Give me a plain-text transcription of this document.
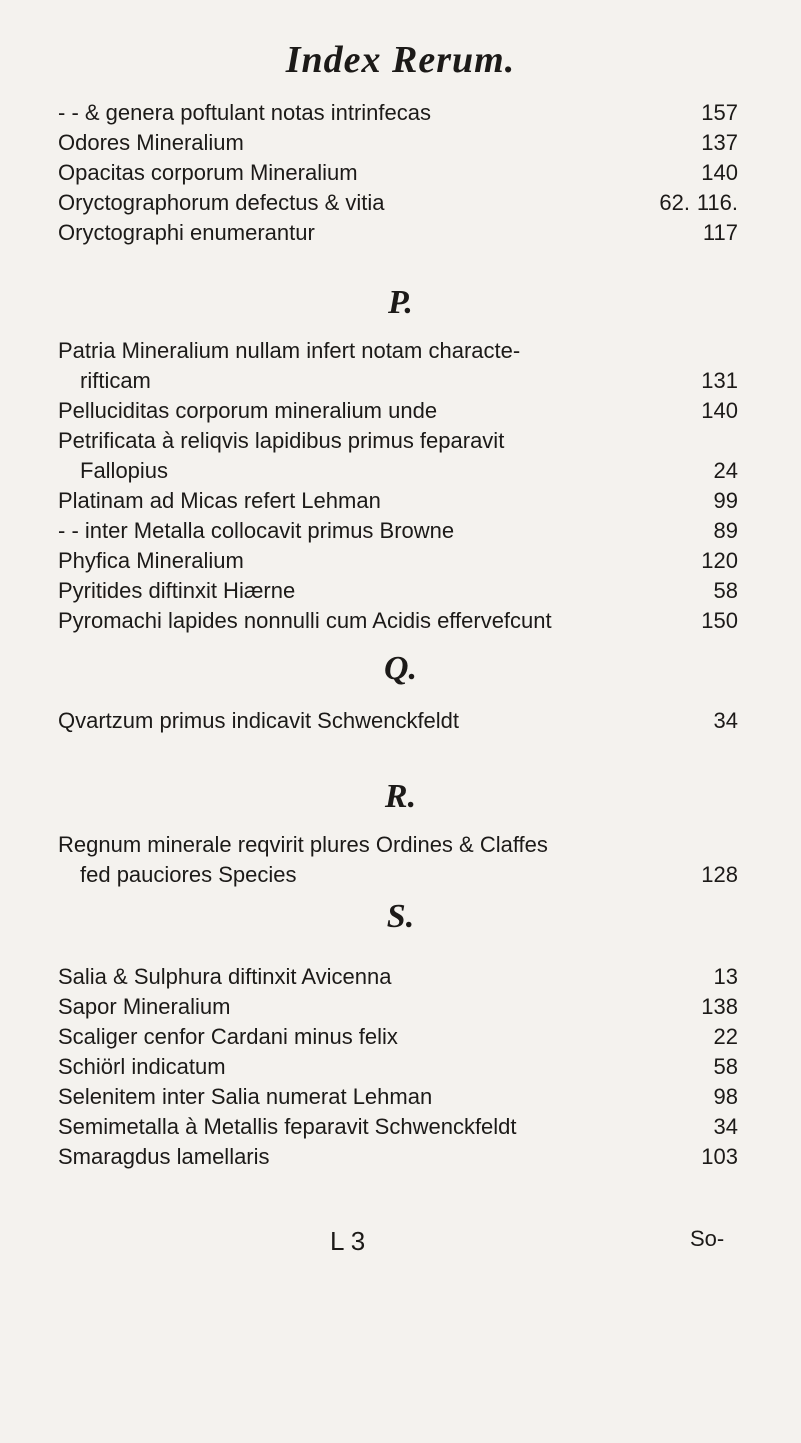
Index Rerum.
- - & genera poftulant notas intrinfecas	157
Odores Mineralium	137
Opacitas corporum Mineralium	140
Oryctographorum defectus & vitia	62. 116.
Oryctographi enumerantur	117
P.
Patria Mineralium nullam infert notam characte-
rifticam	131
Pelluciditas corporum mineralium unde	140
Petrificata à reliqvis lapidibus primus feparavit
Fallopius	24
Platinam ad Micas refert Lehman	99
- - inter Metalla collocavit primus Browne	89
Phyfica Mineralium	120
Pyritides diftinxit Hiærne	58
Pyromachi lapides nonnulli cum Acidis effervefcunt	150
Q.
Qvartzum primus indicavit Schwenckfeldt	34
R.
Regnum minerale reqvirit plures Ordines & Claffes
fed pauciores Species	128
S.
Salia & Sulphura diftinxit Avicenna	13
Sapor Mineralium	138
Scaliger cenfor Cardani minus felix	22
Schiörl indicatum	58
Selenitem inter Salia numerat Lehman	98
Semimetalla à Metallis feparavit Schwenckfeldt	34
Smaragdus lamellaris	103
L 3	So-
